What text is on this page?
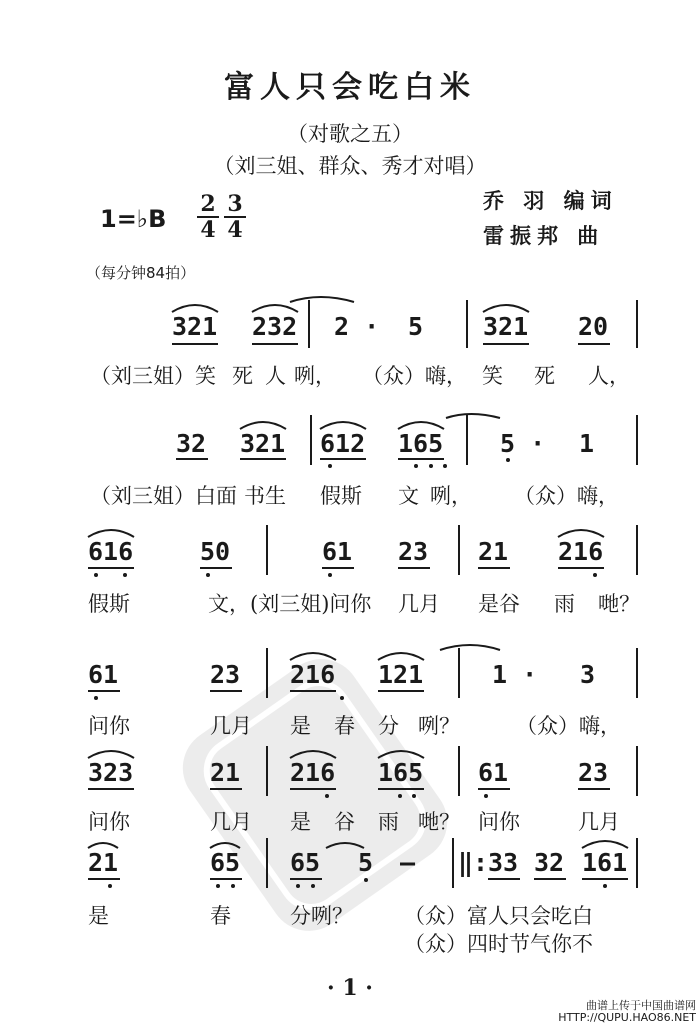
富人只会吃白米
（对歌之五）
（刘三姐、群众、秀才对唱）
1=♭B $\frac{2}{4} \frac{3}{4}$	乔 羽 编词
雷振邦 曲
（每分钟84拍）
321 232 2 · 5 321 20
（刘三姐）笑 死 人 咧， （众）嗨， 笑 死 人，
32 321 612 165 5 · 1
（刘三姐）白面 书生 假斯 文 咧， （众）嗨，
616	50	61 23 21 216
假斯	文，(刘三姐)问你 几月 是谷 雨 哋？
61	23 216 121	1 · 3
问你	几月 是 春 分 咧？	（众）嗨，
323	21 216 165 61	23
问你	几月 是 谷 雨 哋？ 问你	几月
21	65 65 5 — ‖: 33 32 161
是	春	分咧？ （众）富人只会吃白
（众）四时节气你不
· 1 ·
曲谱上传于中国曲谱网
HTTP://QUPU.HAO86.NET
